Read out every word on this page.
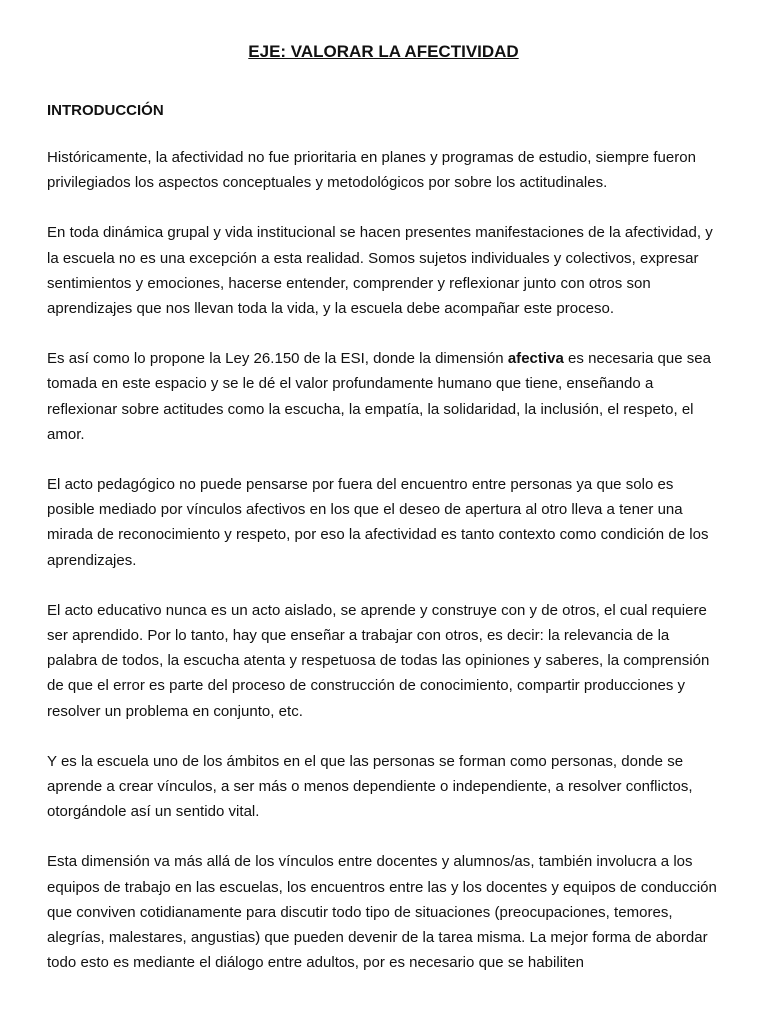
EJE: VALORAR LA AFECTIVIDAD
INTRODUCCIÓN

Históricamente, la afectividad no fue prioritaria en planes y programas de estudio, siempre fueron privilegiados los aspectos conceptuales y metodológicos por sobre los actitudinales.

En toda dinámica grupal y vida institucional se hacen presentes manifestaciones de la afectividad, y la escuela no es una excepción a esta realidad. Somos sujetos individuales y colectivos, expresar sentimientos y emociones, hacerse entender, comprender y reflexionar junto con otros son aprendizajes que nos llevan toda la vida, y la escuela debe acompañar este proceso.

Es así como lo propone la Ley 26.150 de la ESI, donde la dimensión afectiva es necesaria que sea tomada en este espacio y se le dé el valor profundamente humano que tiene, enseñando a reflexionar sobre actitudes como la escucha, la empatía, la solidaridad, la inclusión, el respeto, el amor.

El acto pedagógico no puede pensarse por fuera del encuentro entre personas ya que solo es posible mediado por vínculos afectivos en los que el deseo de apertura al otro lleva a tener una mirada de reconocimiento y respeto, por eso la afectividad es tanto contexto como condición de los aprendizajes.

El acto educativo nunca es un acto aislado, se aprende y construye con y de otros, el cual requiere ser aprendido. Por lo tanto, hay que enseñar a trabajar con otros, es decir: la relevancia de la palabra de todos, la escucha atenta y respetuosa de todas las opiniones y saberes, la comprensión de que el error es parte del proceso de construcción de conocimiento, compartir producciones y resolver un problema en conjunto, etc.

Y es la escuela uno de los ámbitos en el que las personas se forman como personas, donde se aprende a crear vínculos, a ser más o menos dependiente o independiente, a resolver conflictos, otorgándole así un sentido vital.

Esta dimensión va más allá de los vínculos entre docentes y alumnos/as, también involucra a los equipos de trabajo en las escuelas, los encuentros entre las y los docentes y equipos de conducción que conviven cotidianamente para discutir todo tipo de situaciones (preocupaciones, temores, alegrías, malestares, angustias) que pueden devenir de la tarea misma. La mejor forma de abordar todo esto es mediante el diálogo entre adultos, por es necesario que se habiliten
